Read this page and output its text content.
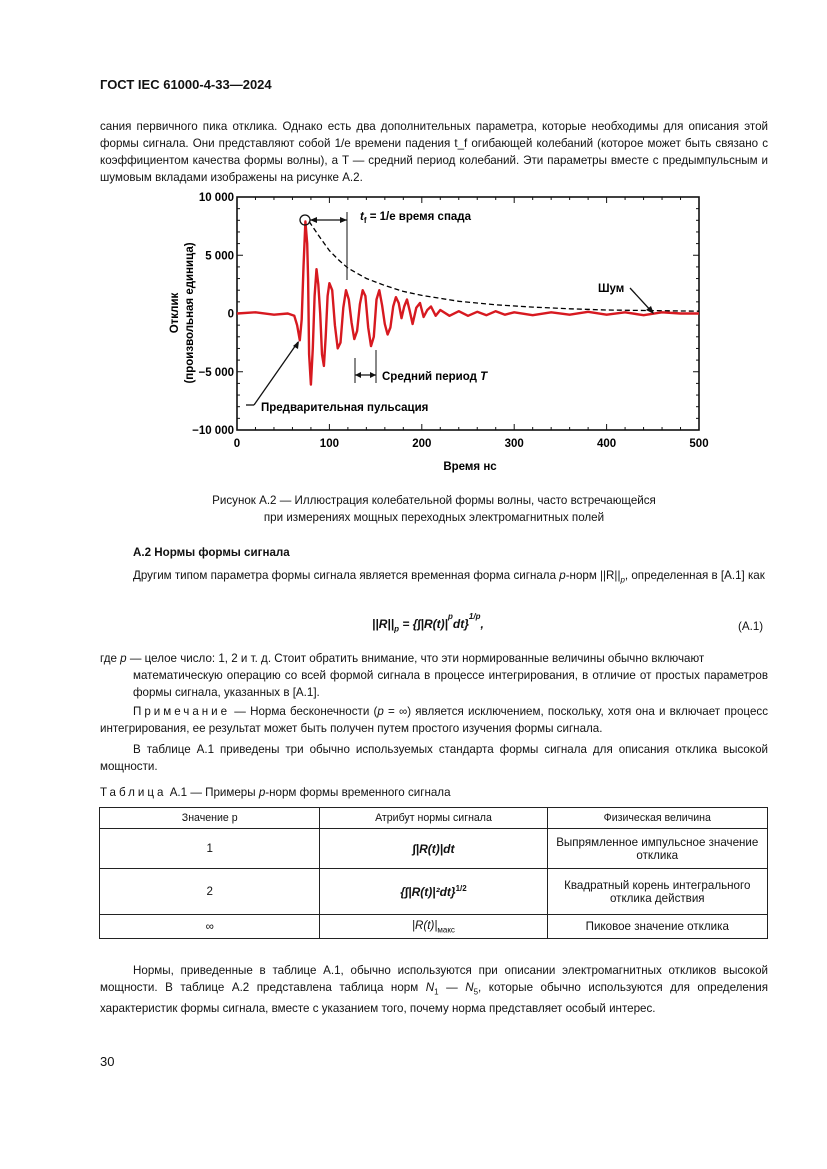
ГОСТ IEC 61000-4-33—2024
сания первичного пика отклика. Однако есть два дополнительных параметра, которые необходимы для описания этой формы сигнала. Они представляют собой 1/e времени падения t_f огибающей колебаний (которое может быть связано с коэффициентом качества формы волны), а T — средний период колебаний. Эти параметры вместе с предымпульсным и шумовым вкладами изображены на рисунке А.2.
0	100	200	300	400	500
10 000
5 000
0
−5 000
−10 000
$t_f = 1/e$ время спада
Средний период T
Шум
Предварительная пульсация
Время нс
Отклик (произвольная единица)
Рисунок А.2 — Иллюстрация колебательной формы волны, часто встречающейся
при измерениях мощных переходных электромагнитных полей
А.2 Нормы формы сигнала
Другим типом параметра формы сигнала является временная форма сигнала p-норм $||R||_p$, определенная в [А.1] как
$||R||_p = \{\int|R(t)|^pdt\}^{1/p}$,	(А.1)
где p — целое число: 1, 2 и т. д. Стоит обратить внимание, что эти нормированные величины обычно включают
математическую операцию со всей формой сигнала в процессе интегрирования, в отличие от простых параметров формы сигнала, указанных в [А.1].
Примечание — Норма бесконечности (p = ∞) является исключением, поскольку, хотя она и включает процесс интегрирования, ее результат может быть получен путем простого изучения формы сигнала.
В таблице А.1 приведены три обычно используемых стандарта формы сигнала для описания отклика высокой мощности.
Таблица А.1 — Примеры p-норм формы временного сигнала
Значение p	Атрибут нормы сигнала	Физическая величина
1	∫|R(t)|dt	Выпрямленное импульсное значение отклика
2	$\{\int|R(t)|^2dt\}^{1/2}$	Квадратный корень интегрального отклика действия
∞	$|R(t)|_{макс}$	Пиковое значение отклика
Нормы, приведенные в таблице А.1, обычно используются при описании электромагнитных откликов высокой мощности. В таблице А.2 представлена таблица норм $N_1$ — $N_5$, которые обычно используются для определения характеристик формы сигнала, вместе с указанием того, почему норма представляет особый интерес.
30
